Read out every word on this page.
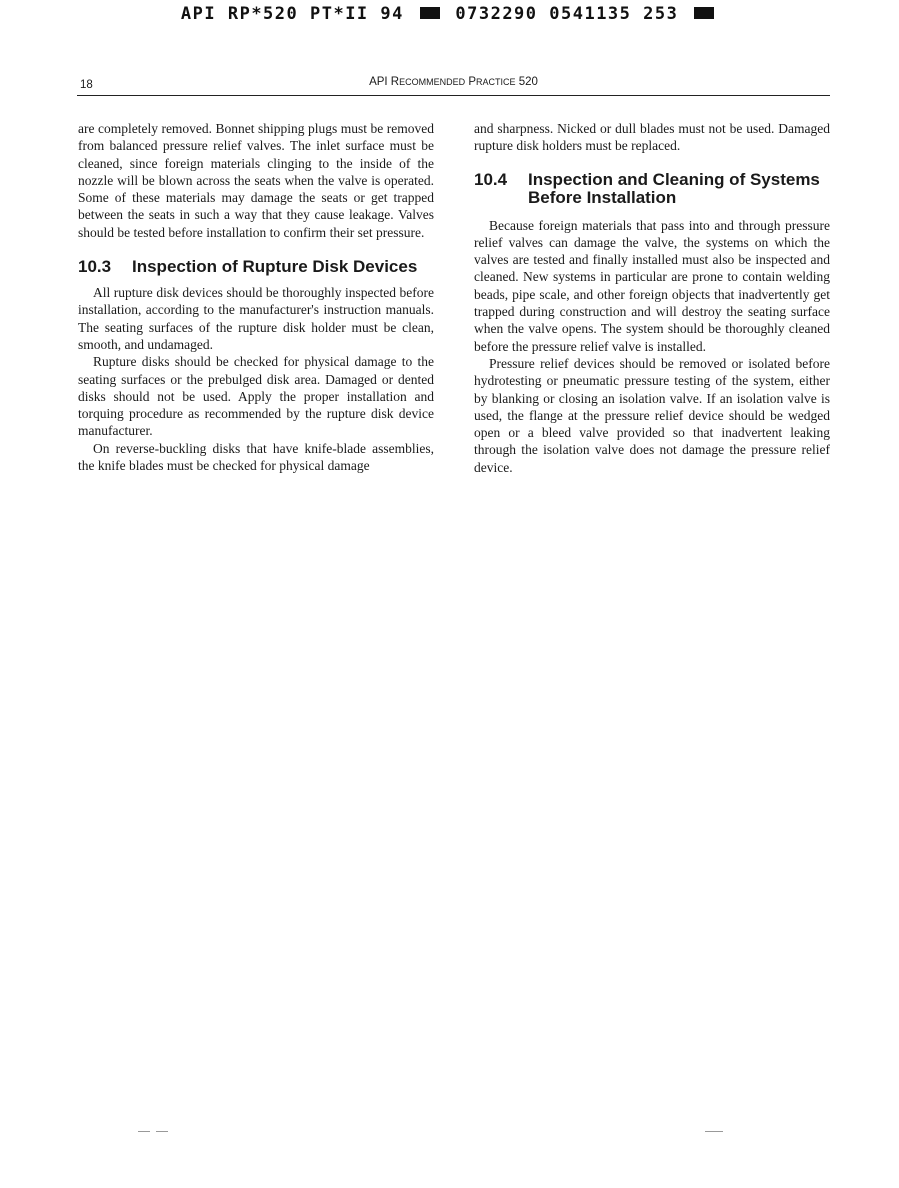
API RP*520 PT*II 94	0732290 0541135 253
18	API RECOMMENDED PRACTICE 520

are completely removed. Bonnet shipping plugs must be removed from balanced pressure relief valves. The inlet surface must be cleaned, since foreign materials clinging to the inside of the nozzle will be blown across the seats when the valve is operated. Some of these materials may damage the seats or get trapped between the seats in such a way that they cause leakage. Valves should be tested before installation to confirm their set pressure.

10.3	Inspection of Rupture Disk Devices

All rupture disk devices should be thoroughly inspected before installation, according to the manufacturer's instruction manuals. The seating surfaces of the rupture disk holder must be clean, smooth, and undamaged.

Rupture disks should be checked for physical damage to the seating surfaces or the prebulged disk area. Damaged or dented disks should not be used. Apply the proper installation and torquing procedure as recommended by the rupture disk device manufacturer.

On reverse-buckling disks that have knife-blade assemblies, the knife blades must be checked for physical damage

and sharpness. Nicked or dull blades must not be used. Damaged rupture disk holders must be replaced.

10.4	Inspection and Cleaning of Systems Before Installation

Because foreign materials that pass into and through pressure relief valves can damage the valve, the systems on which the valves are tested and finally installed must also be inspected and cleaned. New systems in particular are prone to contain welding beads, pipe scale, and other foreign objects that inadvertently get trapped during construction and will destroy the seating surface when the valve opens. The system should be thoroughly cleaned before the pressure relief valve is installed.

Pressure relief devices should be removed or isolated before hydrotesting or pneumatic pressure testing of the system, either by blanking or closing an isolation valve. If an isolation valve is used, the flange at the pressure relief device should be wedged open or a bleed valve provided so that inadvertent leaking through the isolation valve does not damage the pressure relief device.
